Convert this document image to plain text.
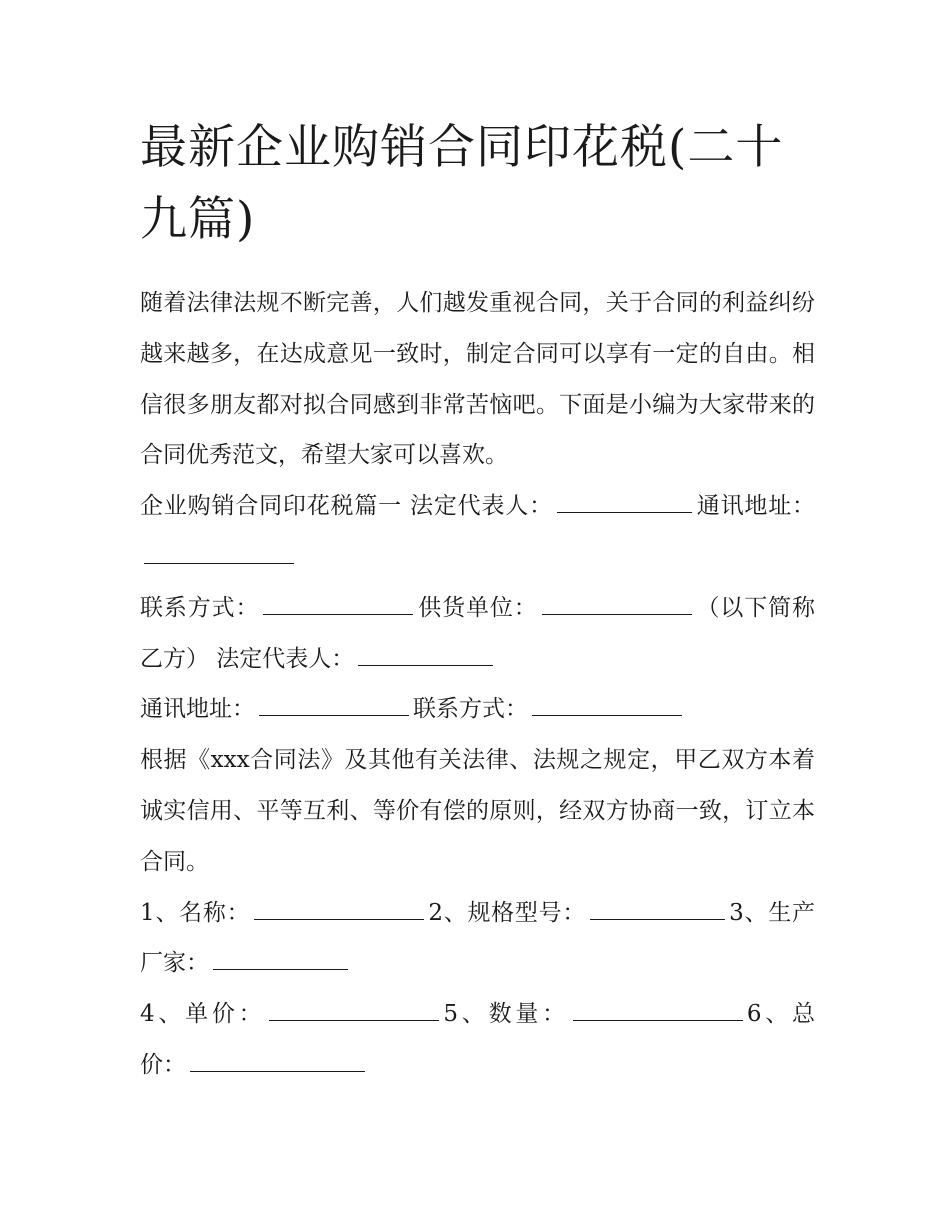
最新企业购销合同印花税(二十九篇)

随着法律法规不断完善，人们越发重视合同，关于合同的利益纠纷越来越多，在达成意见一致时，制定合同可以享有一定的自由。相信很多朋友都对拟合同感到非常苦恼吧。下面是小编为大家带来的合同优秀范文，希望大家可以喜欢。

企业购销合同印花税篇一 法定代表人：	通讯地址：

联系方式：	供货单位：	（以下简称乙方） 法定代表人：

通讯地址：	联系方式：

根据《xxx合同法》及其他有关法律、法规之规定，甲乙双方本着诚实信用、平等互利、等价有偿的原则，经双方协商一致，订立本合同。

1、名称：	2、规格型号：	3、生产厂家：

4、单价：	5、数量：	6、总价：
